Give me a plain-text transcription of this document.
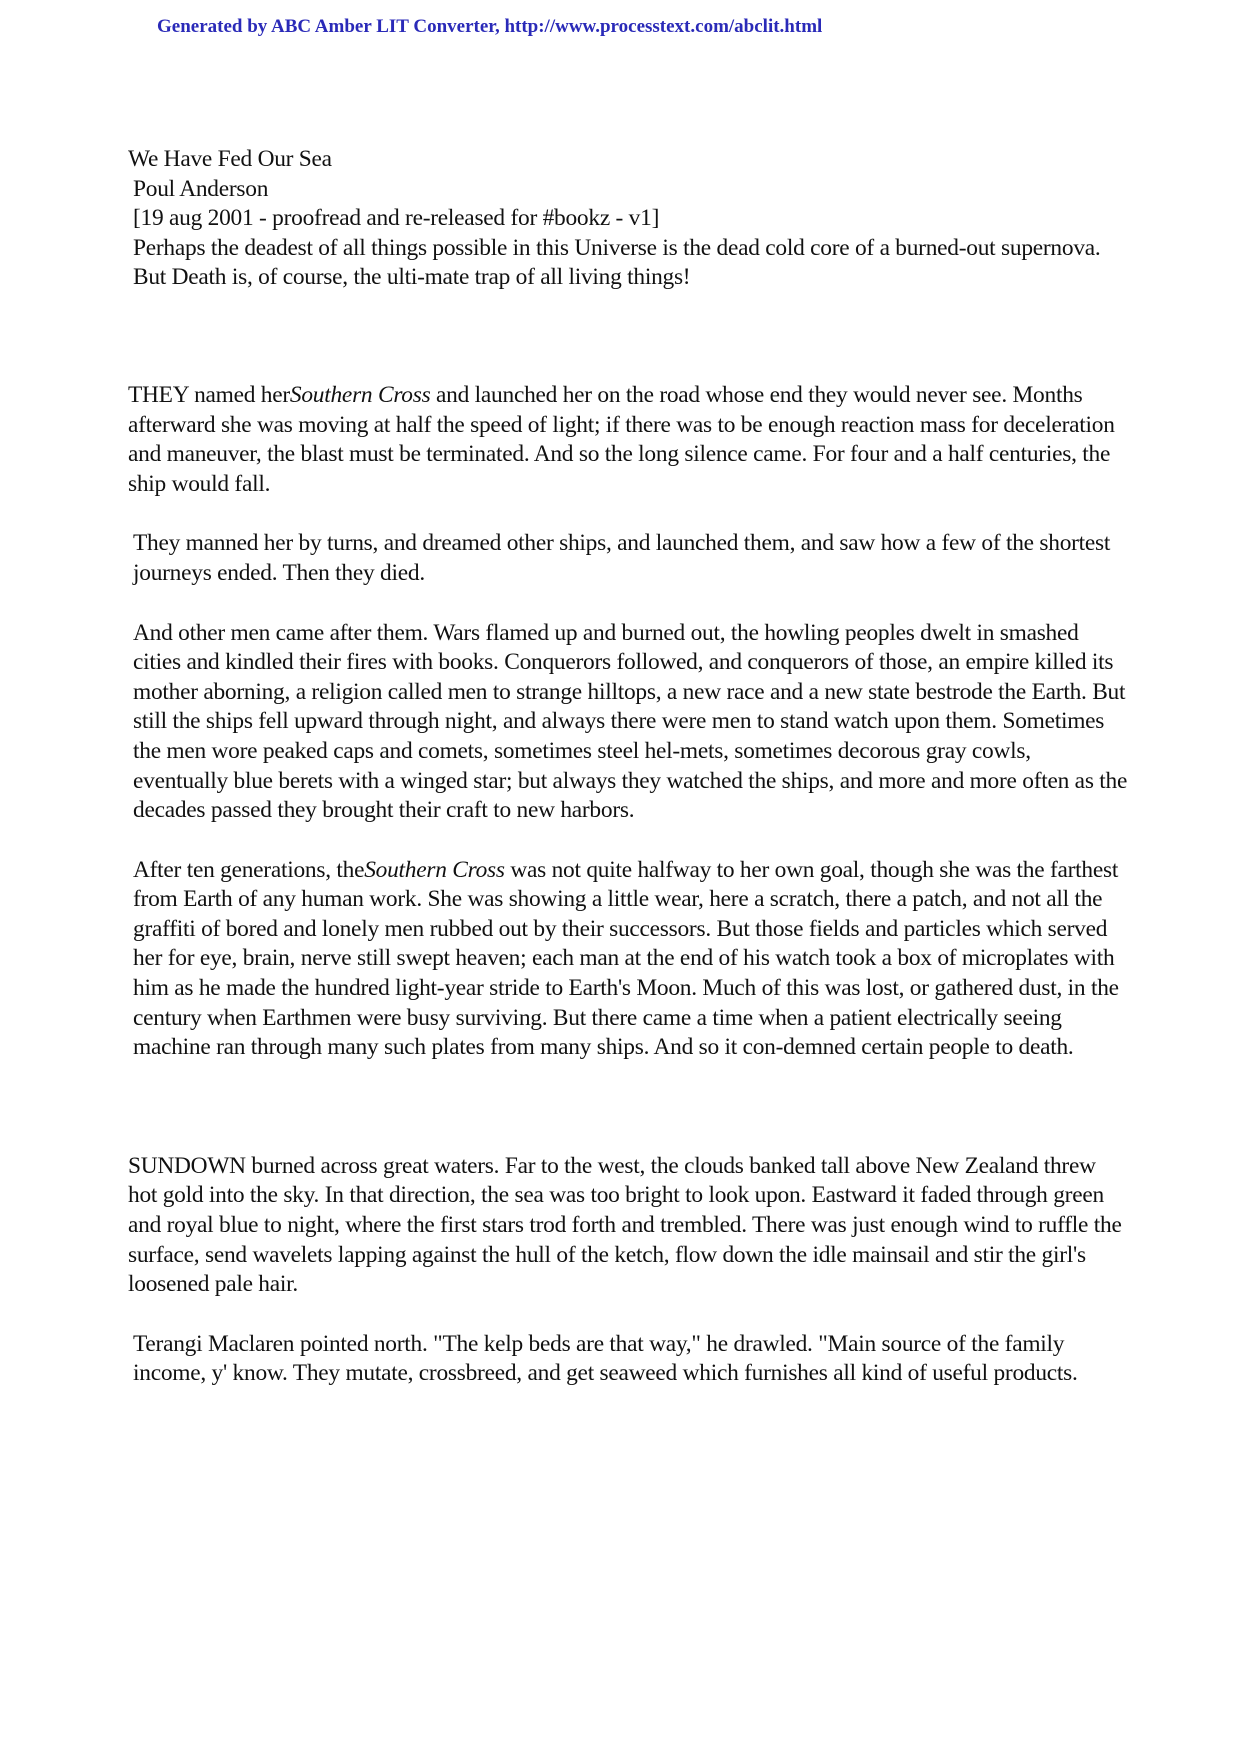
Generated by ABC Amber LIT Converter, http://www.processtext.com/abclit.html

We Have Fed Our Sea

Poul Anderson

[19 aug 2001 - proofread and re-released for #bookz - v1]

Perhaps the deadest of all things possible in this Universe is the dead cold core of a burned-out supernova. But Death is, of course, the ulti-mate trap of all living things!

THEY named herSouthern Cross and launched her on the road whose end they would never see. Months afterward she was moving at half the speed of light; if there was to be enough reaction mass for deceleration and maneuver, the blast must be terminated. And so the long silence came. For four and a half centuries, the ship would fall.

They manned her by turns, and dreamed other ships, and launched them, and saw how a few of the shortest journeys ended. Then they died.

And other men came after them. Wars flamed up and burned out, the howling peoples dwelt in smashed cities and kindled their fires with books. Conquerors followed, and conquerors of those, an empire killed its mother aborning, a religion called men to strange hilltops, a new race and a new state bestrode the Earth. But still the ships fell upward through night, and always there were men to stand watch upon them. Sometimes the men wore peaked caps and comets, sometimes steel hel-mets, sometimes decorous gray cowls, eventually blue berets with a winged star; but always they watched the ships, and more and more often as the decades passed they brought their craft to new harbors.

After ten generations, theSouthern Cross was not quite halfway to her own goal, though she was the farthest from Earth of any human work. She was showing a little wear, here a scratch, there a patch, and not all the graffiti of bored and lonely men rubbed out by their successors. But those fields and particles which served her for eye, brain, nerve still swept heaven; each man at the end of his watch took a box of microplates with him as he made the hundred light-year stride to Earth's Moon. Much of this was lost, or gathered dust, in the century when Earthmen were busy surviving. But there came a time when a patient electrically seeing machine ran through many such plates from many ships. And so it con-demned certain people to death.

SUNDOWN burned across great waters. Far to the west, the clouds banked tall above New Zealand threw hot gold into the sky. In that direction, the sea was too bright to look upon. Eastward it faded through green and royal blue to night, where the first stars trod forth and trembled. There was just enough wind to ruffle the surface, send wavelets lapping against the hull of the ketch, flow down the idle mainsail and stir the girl's loosened pale hair.

Terangi Maclaren pointed north. "The kelp beds are that way," he drawled. "Main source of the family income, y' know. They mutate, crossbreed, and get seaweed which furnishes all kind of useful products.
